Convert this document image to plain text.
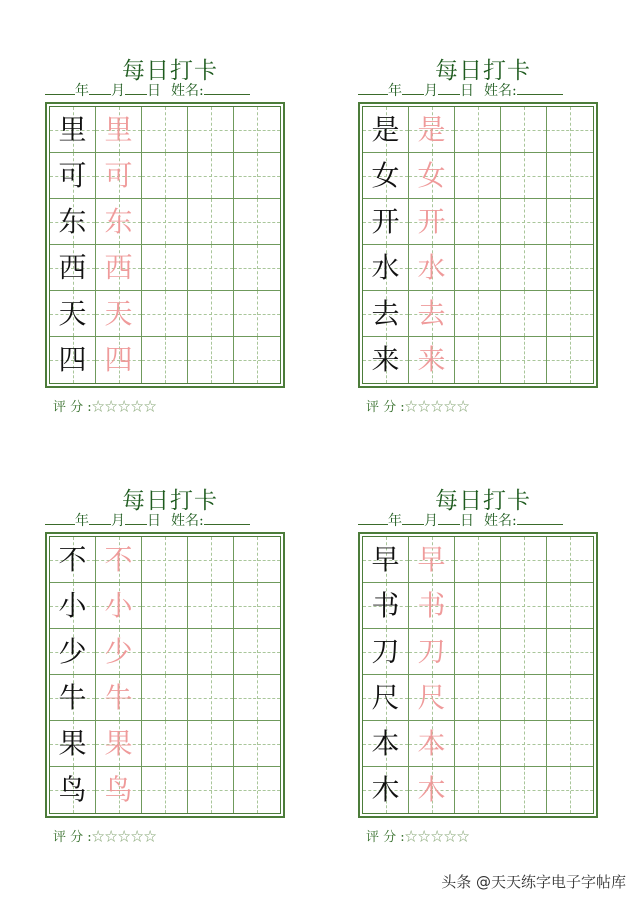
每日打卡
年 月 日 姓名:
里 里
可 可
东 东
西 西
天 天
四 四
评 分 :☆☆☆☆☆
每日打卡
年 月 日 姓名:
是 是
女 女
开 开
水 水
去 去
来 来
评 分 :☆☆☆☆☆
每日打卡
年 月 日 姓名:
不 不
小 小
少 少
牛 牛
果 果
鸟 鸟
评 分 :☆☆☆☆☆
每日打卡
年 月 日 姓名:
早 早
书 书
刀 刀
尺 尺
本 本
木 木
评 分 :☆☆☆☆☆
头条 @天天练字电子字帖库
